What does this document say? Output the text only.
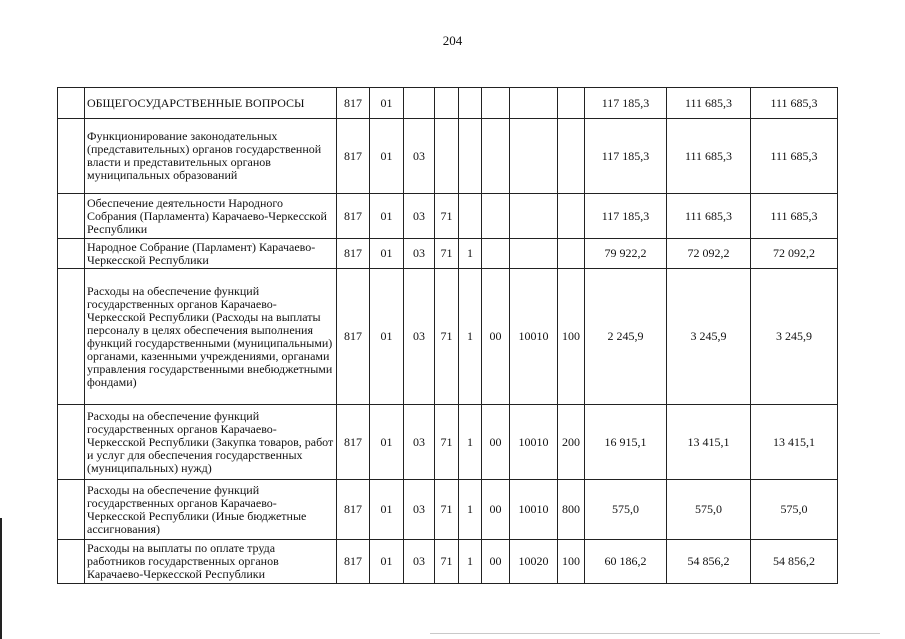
204
	ОБЩЕГОСУДАРСТВЕННЫЕ ВОПРОСЫ	817	01							117 185,3	111 685,3	111 685,3
	Функционирование законодательных (представительных) органов государственной власти и представительных органов муниципальных образований	817	01	03						117 185,3	111 685,3	111 685,3
	Обеспечение деятельности Народного Собрания (Парламента) Карачаево-Черкесской Республики	817	01	03	71					117 185,3	111 685,3	111 685,3
	Народное Собрание (Парламент) Карачаево-Черкесской Республики	817	01	03	71	1				79 922,2	72 092,2	72 092,2
	Расходы на обеспечение функций государственных органов Карачаево-Черкесской Республики (Расходы на выплаты персоналу в целях обеспечения выполнения функций государственными (муниципальными) органами, казенными учреждениями, органами управления государственными внебюджетными фондами)	817	01	03	71	1	00	10010	100	2 245,9	3 245,9	3 245,9
	Расходы на обеспечение функций государственных органов Карачаево-Черкесской Республики (Закупка товаров, работ и услуг для обеспечения государственных (муниципальных) нужд)	817	01	03	71	1	00	10010	200	16 915,1	13 415,1	13 415,1
	Расходы на обеспечение функций государственных органов Карачаево-Черкесской Республики (Иные бюджетные ассигнования)	817	01	03	71	1	00	10010	800	575,0	575,0	575,0
	Расходы на выплаты по оплате труда работников государственных органов Карачаево-Черкесской Республики	817	01	03	71	1	00	10020	100	60 186,2	54 856,2	54 856,2
